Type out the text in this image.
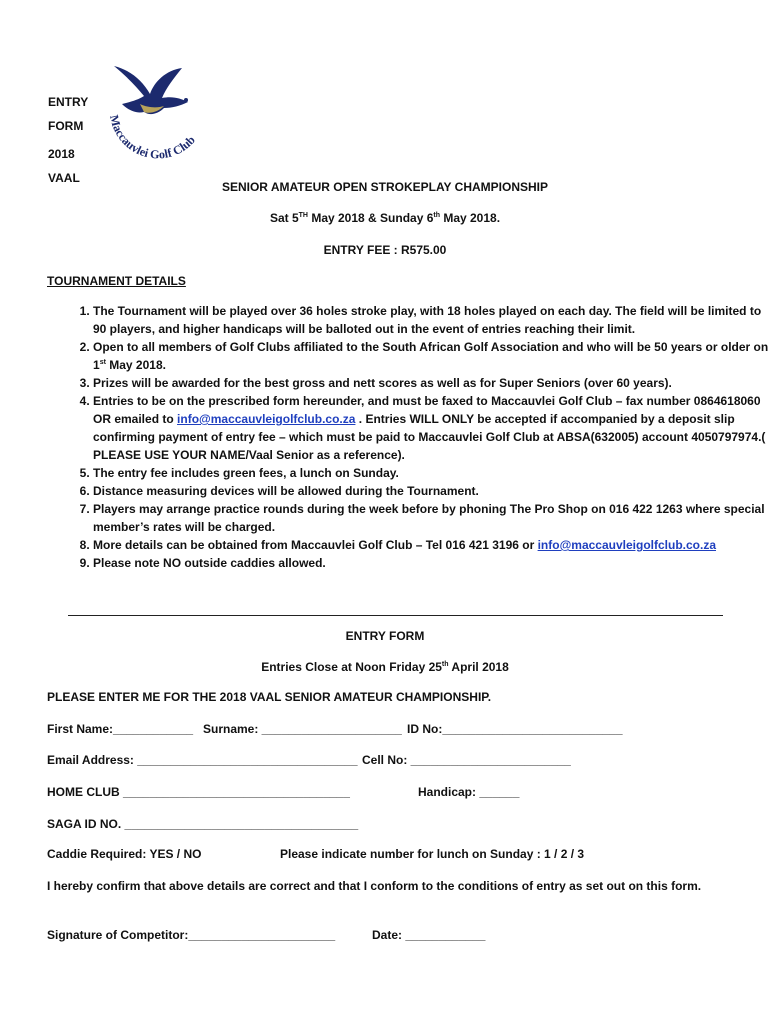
Maccauvlei Golf Club
ENTRY
FORM
2018
VAAL
SENIOR AMATEUR OPEN STROKEPLAY CHAMPIONSHIP
Sat 5TH May 2018 & Sunday 6th May 2018.
ENTRY FEE : R575.00
TOURNAMENT DETAILS
1. The Tournament will be played over 36 holes stroke play, with 18 holes played on each day. The field will be limited to 90 players, and higher handicaps will be balloted out in the event of entries reaching their limit.
2. Open to all members of Golf Clubs affiliated to the South African Golf Association and who will be 50 years or older on 1st May 2018.
3. Prizes will be awarded for the best gross and nett scores as well as for Super Seniors (over 60 years).
4. Entries to be on the prescribed form hereunder, and must be faxed to Maccauvlei Golf Club – fax number 0864618060 OR emailed to info@maccauvleigolfclub.co.za . Entries WILL ONLY be accepted if accompanied by a deposit slip confirming payment of entry fee – which must be paid to Maccauvlei Golf Club at ABSA(632005) account 4050797974.( PLEASE USE YOUR NAME/Vaal Senior as a reference).
5. The entry fee includes green fees, a lunch on Sunday.
6. Distance measuring devices will be allowed during the Tournament.
7. Players may arrange practice rounds during the week before by phoning The Pro Shop on 016 422 1263 where special member’s rates will be charged.
8. More details can be obtained from Maccauvlei Golf Club – Tel 016 421 3196 or info@maccauvleigolfclub.co.za
9. Please note NO outside caddies allowed.
ENTRY FORM
Entries Close at Noon Friday 25th April 2018
PLEASE ENTER ME FOR THE 2018 VAAL SENIOR AMATEUR CHAMPIONSHIP.
First Name:____________ Surname: _____________________ ID No:___________________________
Email Address: _________________________________ Cell No: ________________________
HOME CLUB __________________________________	Handicap: ______
SAGA ID NO. ___________________________________
Caddie Required: YES / NO	Please indicate number for lunch on Sunday : 1 / 2 / 3
I hereby confirm that above details are correct and that I conform to the conditions of entry as set out on this form.
Signature of Competitor:______________________	Date: ____________
